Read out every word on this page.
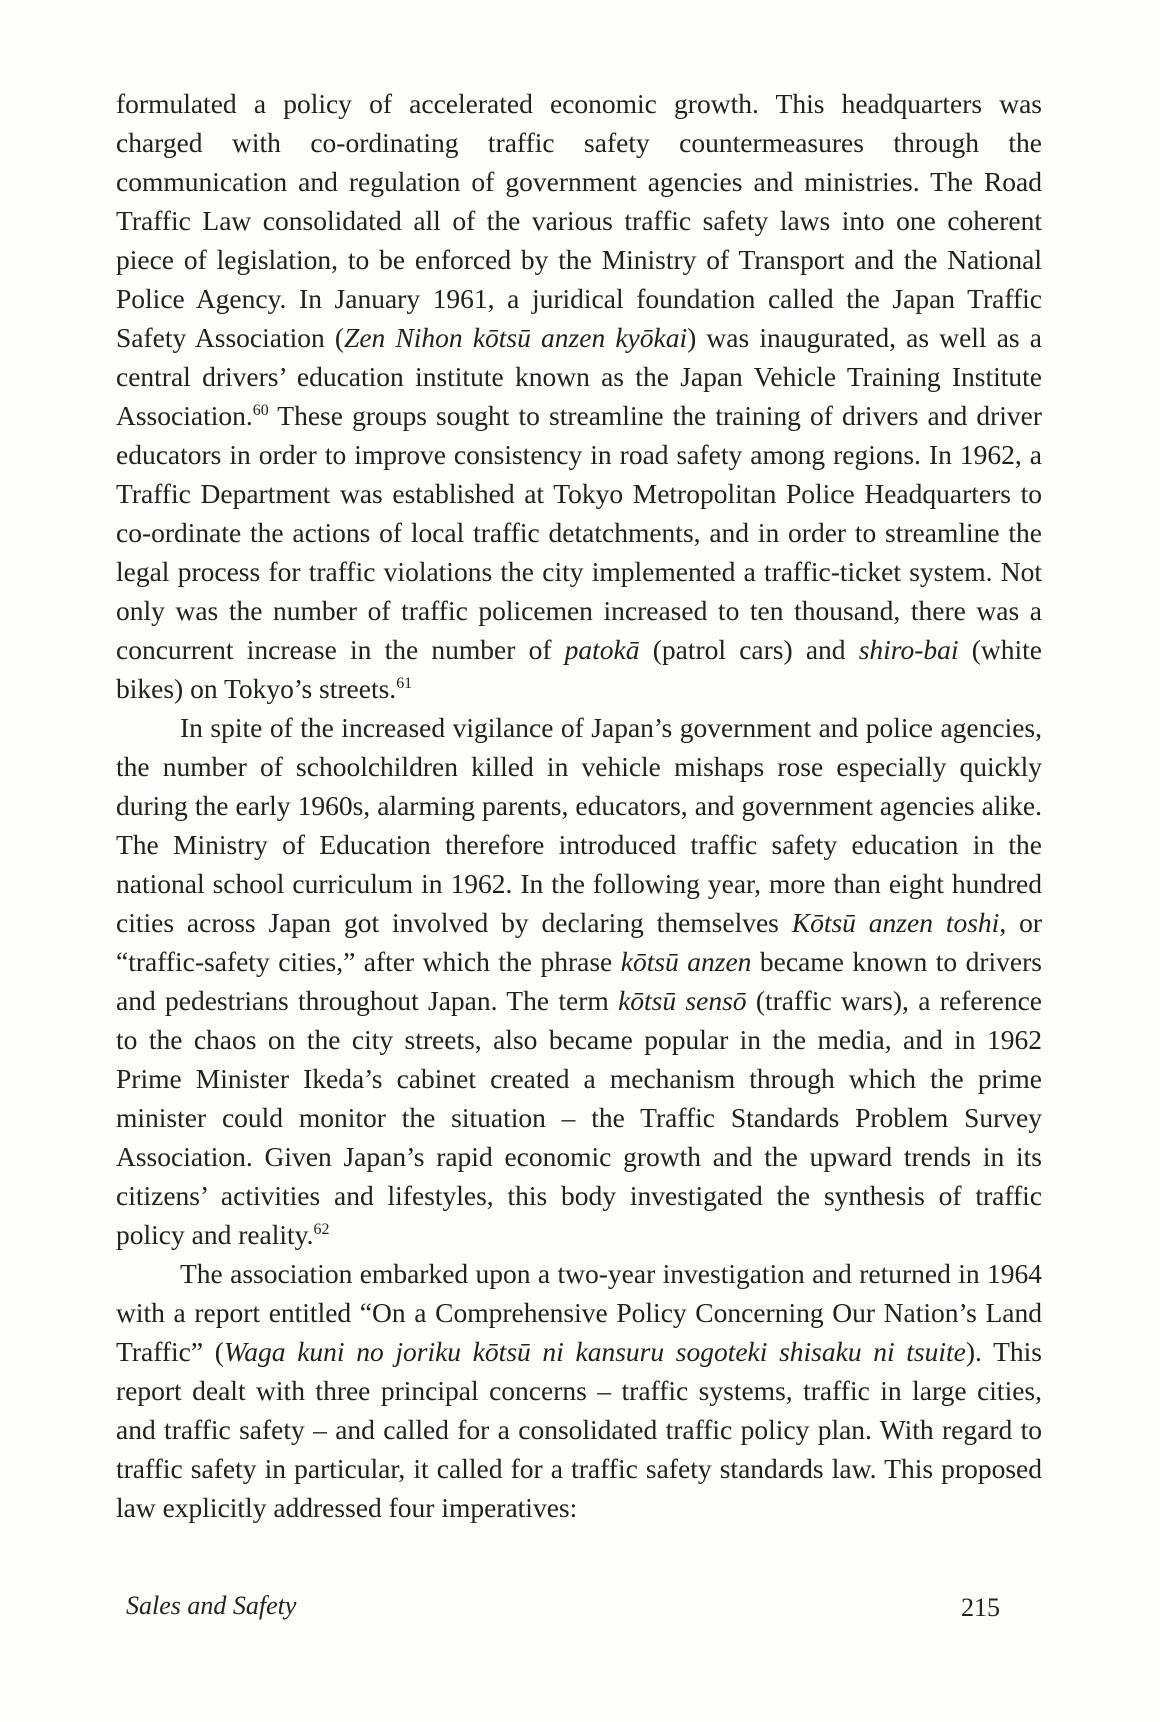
formulated a policy of accelerated economic growth. This headquarters was charged with co-ordinating traffic safety countermeasures through the communication and regulation of government agencies and ministries. The Road Traffic Law consolidated all of the various traffic safety laws into one coherent piece of legislation, to be enforced by the Ministry of Transport and the National Police Agency. In January 1961, a juridical foundation called the Japan Traffic Safety Association (Zen Nihon kōtsū anzen kyōkai) was inaugurated, as well as a central drivers’ education institute known as the Japan Vehicle Training Institute Association.$^{60}$ These groups sought to streamline the training of drivers and driver educators in order to improve consistency in road safety among regions. In 1962, a Traffic Department was established at Tokyo Metropolitan Police Headquarters to co-ordinate the actions of local traffic detatchments, and in order to streamline the legal process for traffic violations the city implemented a traffic-ticket system. Not only was the number of traffic policemen increased to ten thousand, there was a concurrent increase in the number of patokā (patrol cars) and shiro-bai (white bikes) on Tokyo’s streets.$^{61}$

In spite of the increased vigilance of Japan’s government and police agencies, the number of schoolchildren killed in vehicle mishaps rose especially quickly during the early 1960s, alarming parents, educators, and government agencies alike. The Ministry of Education therefore introduced traffic safety education in the national school curriculum in 1962. In the following year, more than eight hundred cities across Japan got involved by declaring themselves Kōtsū anzen toshi, or “traffic-safety cities,” after which the phrase kōtsū anzen became known to drivers and pedestrians throughout Japan. The term kōtsū sensō (traffic wars), a reference to the chaos on the city streets, also became popular in the media, and in 1962 Prime Minister Ikeda’s cabinet created a mechanism through which the prime minister could monitor the situation – the Traffic Standards Problem Survey Association. Given Japan’s rapid economic growth and the upward trends in its citizens’ activities and lifestyles, this body investigated the synthesis of traffic policy and reality.$^{62}$

The association embarked upon a two-year investigation and returned in 1964 with a report entitled “On a Comprehensive Policy Concerning Our Nation’s Land Traffic” (Waga kuni no joriku kōtsū ni kansuru sogoteki shisaku ni tsuite). This report dealt with three principal concerns – traffic systems, traffic in large cities, and traffic safety – and called for a consolidated traffic policy plan. With regard to traffic safety in particular, it called for a traffic safety standards law. This proposed law explicitly addressed four imperatives:

Sales and Safety	215
